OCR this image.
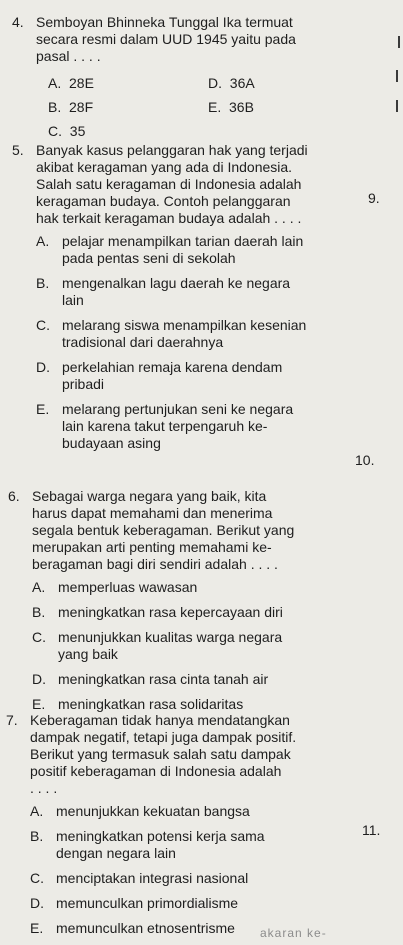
4. Semboyan Bhinneka Tunggal Ika termuat
secara resmi dalam UUD 1945 yaitu pada
pasal . . . .
A. 28E	D. 36A
B. 28F	E. 36B
C. 35
5. Banyak kasus pelanggaran hak yang terjadi
akibat keragaman yang ada di Indonesia.
Salah satu keragaman di Indonesia adalah
keragaman budaya. Contoh pelanggaran
hak terkait keragaman budaya adalah . . . .
A. pelajar menampilkan tarian daerah lain
pada pentas seni di sekolah
B. mengenalkan lagu daerah ke negara
lain
C. melarang siswa menampilkan kesenian
tradisional dari daerahnya
D. perkelahian remaja karena dendam
pribadi
E. melarang pertunjukan seni ke negara
lain karena takut terpengaruh ke-
budayaan asing
6. Sebagai warga negara yang baik, kita
harus dapat memahami dan menerima
segala bentuk keberagaman. Berikut yang
merupakan arti penting memahami ke-
beragaman bagi diri sendiri adalah . . . .
A. memperluas wawasan
B. meningkatkan rasa kepercayaan diri
C. menunjukkan kualitas warga negara
yang baik
D. meningkatkan rasa cinta tanah air
E. meningkatkan rasa solidaritas
7. Keberagaman tidak hanya mendatangkan
dampak negatif, tetapi juga dampak positif.
Berikut yang termasuk salah satu dampak
positif keberagaman di Indonesia adalah
. . . .
A. menunjukkan kekuatan bangsa
B. meningkatkan potensi kerja sama
dengan negara lain
C. menciptakan integrasi nasional
D. memunculkan primordialisme
E. memunculkan etnosentrisme
9.
10.
11.
akaran ke-
